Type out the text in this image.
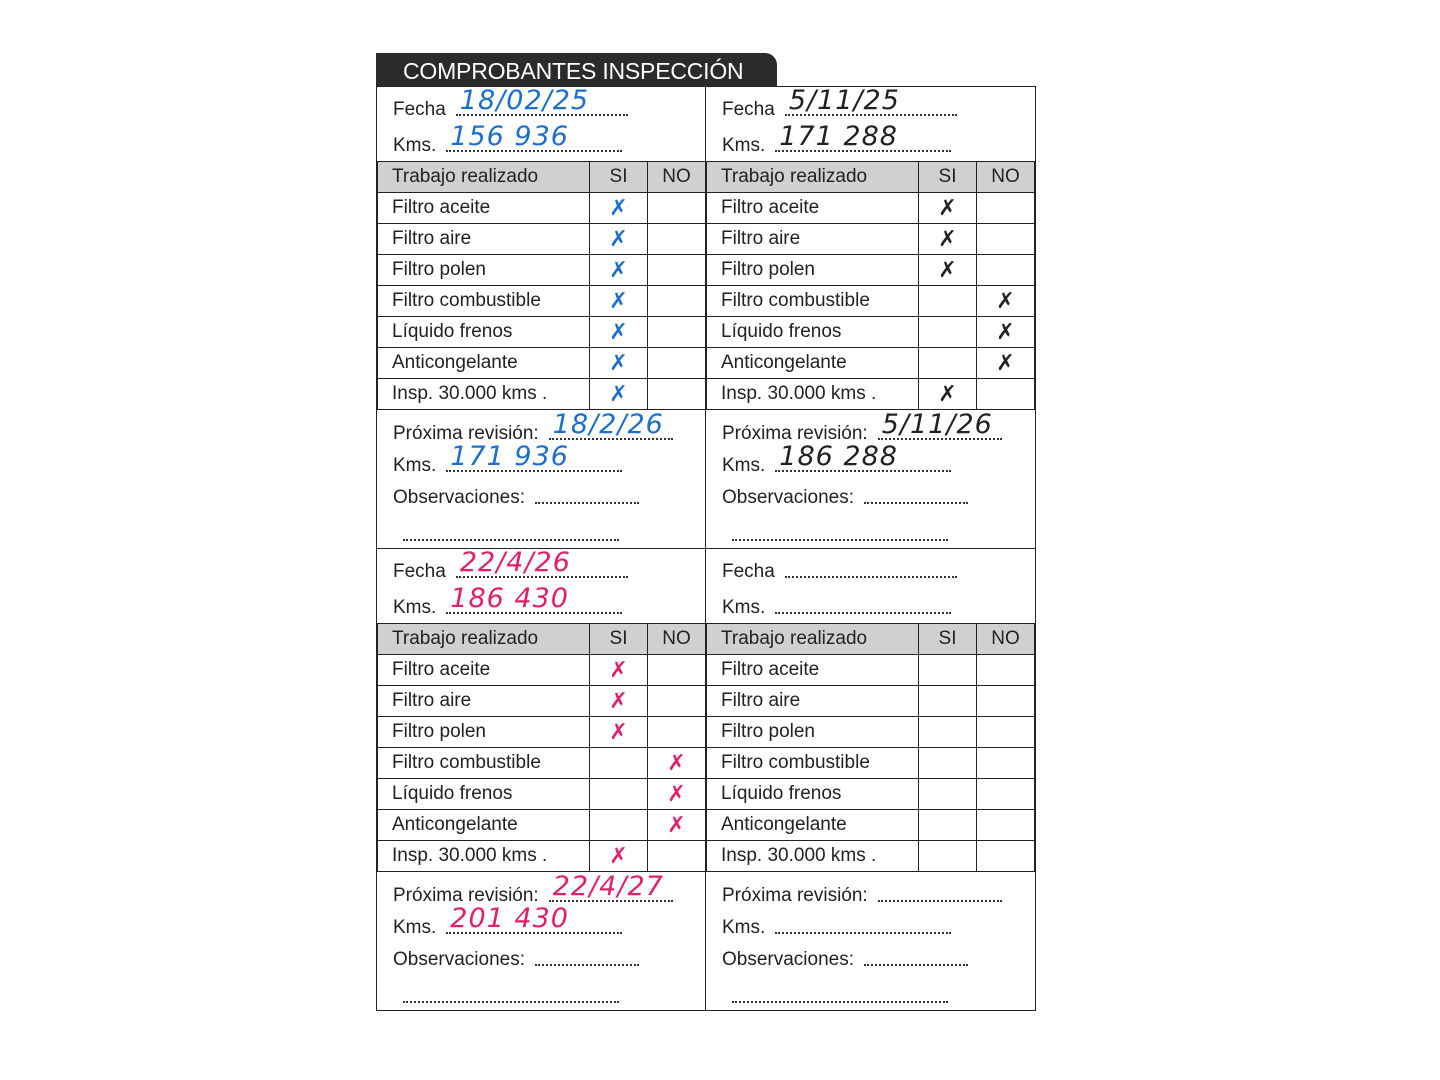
COMPROBANTES INSPECCIÓN
Fecha 18/02/25
Kms. 156 936
Trabajo realizado	SI	NO
Filtro aceite	✗	
Filtro aire	✗	
Filtro polen	✗	
Filtro combustible	✗	
Líquido frenos	✗	
Anticongelante	✗	
Insp. 30.000 kms .	✗	
Próxima revisión: 18/2/26
Kms. 171 936
Observaciones:
Fecha 5/11/25
Kms. 171 288
Trabajo realizado	SI	NO
Filtro aceite	✗	
Filtro aire	✗	
Filtro polen	✗	
Filtro combustible		✗
Líquido frenos		✗
Anticongelante		✗
Insp. 30.000 kms .	✗	
Próxima revisión: 5/11/26
Kms. 186 288
Observaciones:
Fecha 22/4/26
Kms. 186 430
Trabajo realizado	SI	NO
Filtro aceite	✗	
Filtro aire	✗	
Filtro polen	✗	
Filtro combustible		✗
Líquido frenos		✗
Anticongelante		✗
Insp. 30.000 kms .	✗	
Próxima revisión: 22/4/27
Kms. 201 430
Observaciones:
Fecha
Kms.
Trabajo realizado	SI	NO
Filtro aceite		
Filtro aire		
Filtro polen		
Filtro combustible		
Líquido frenos		
Anticongelante		
Insp. 30.000 kms .		
Próxima revisión:
Kms.
Observaciones:
